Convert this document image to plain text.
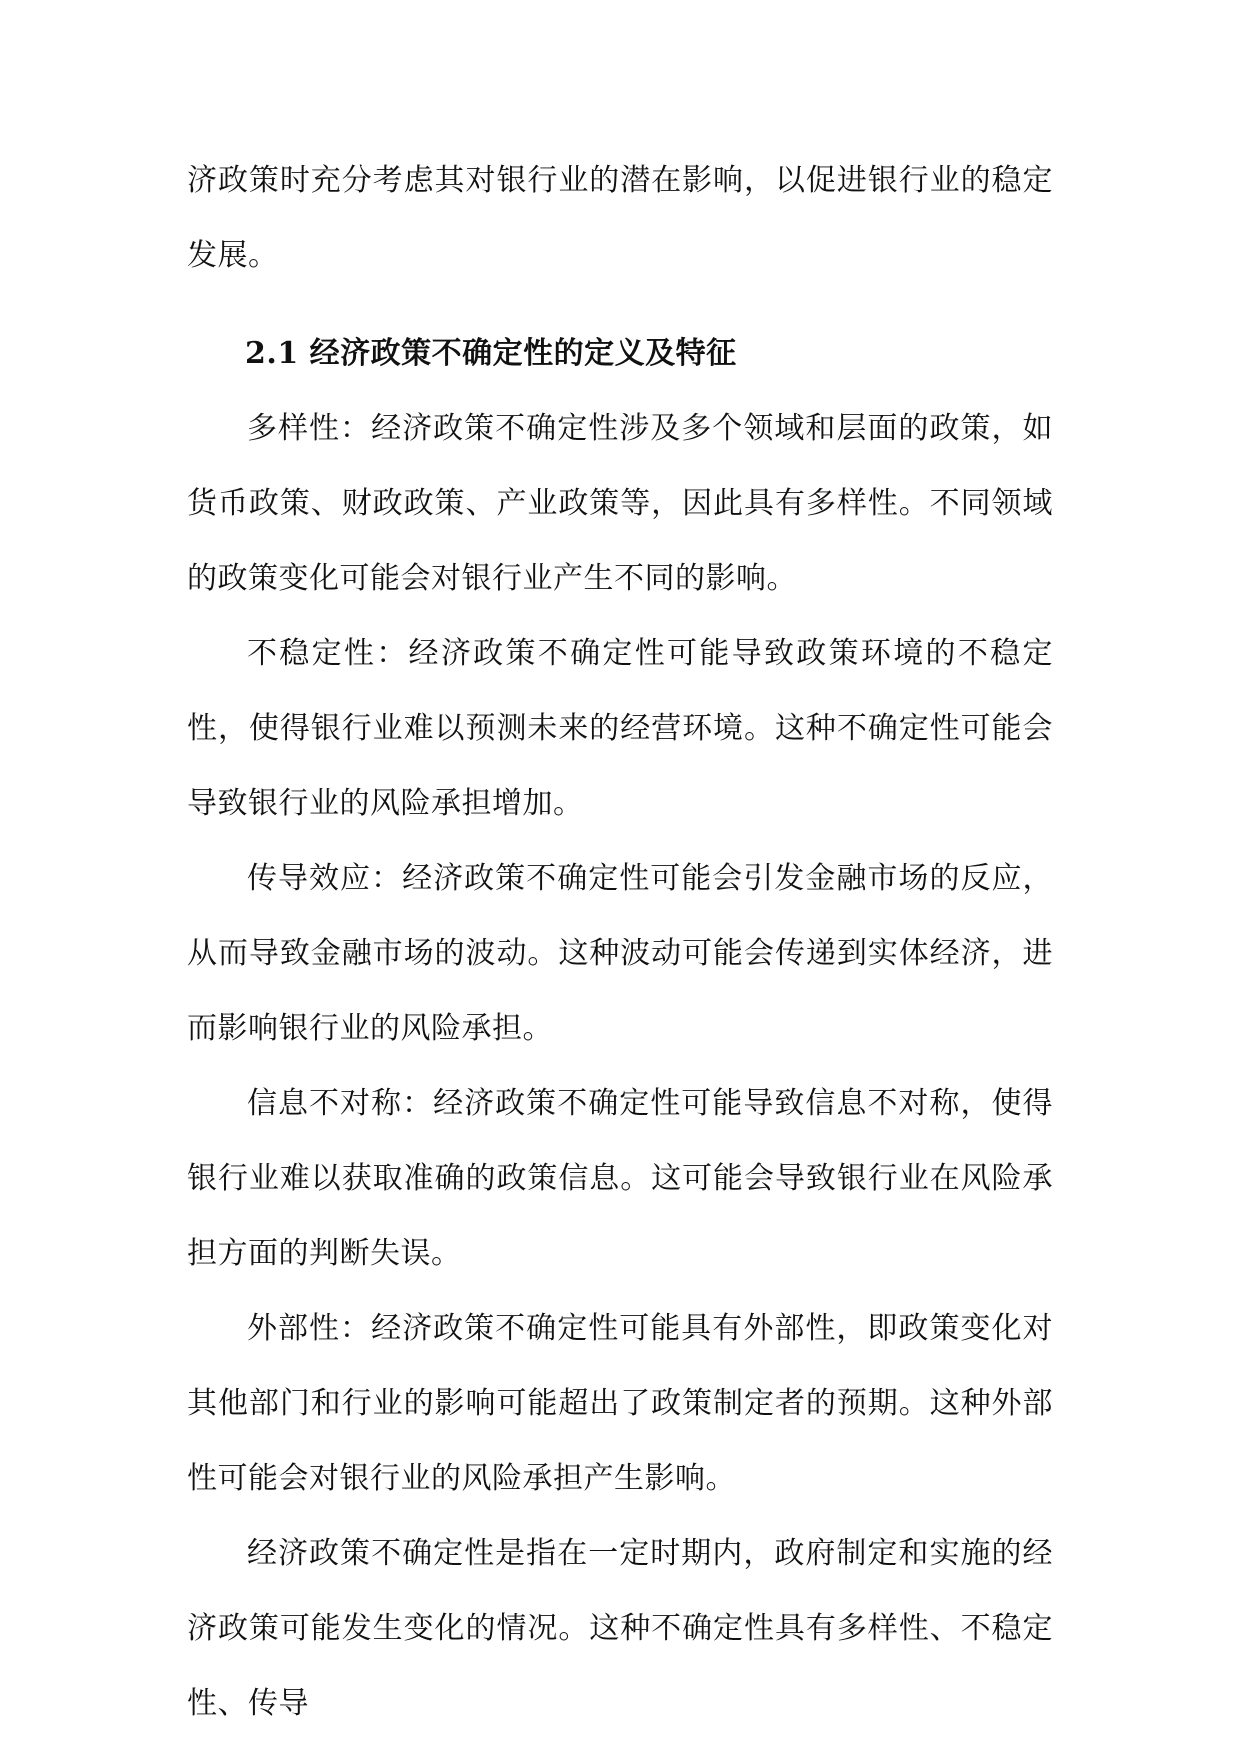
济政策时充分考虑其对银行业的潜在影响，以促进银行业的稳定发展。

2.1 经济政策不确定性的定义及特征

多样性：经济政策不确定性涉及多个领域和层面的政策，如货币政策、财政政策、产业政策等，因此具有多样性。不同领域的政策变化可能会对银行业产生不同的影响。

不稳定性：经济政策不确定性可能导致政策环境的不稳定性，使得银行业难以预测未来的经营环境。这种不确定性可能会导致银行业的风险承担增加。

传导效应：经济政策不确定性可能会引发金融市场的反应，从而导致金融市场的波动。这种波动可能会传递到实体经济，进而影响银行业的风险承担。

信息不对称：经济政策不确定性可能导致信息不对称，使得银行业难以获取准确的政策信息。这可能会导致银行业在风险承担方面的判断失误。

外部性：经济政策不确定性可能具有外部性，即政策变化对其他部门和行业的影响可能超出了政策制定者的预期。这种外部性可能会对银行业的风险承担产生影响。

经济政策不确定性是指在一定时期内，政府制定和实施的经济政策可能发生变化的情况。这种不确定性具有多样性、不稳定性、传导
